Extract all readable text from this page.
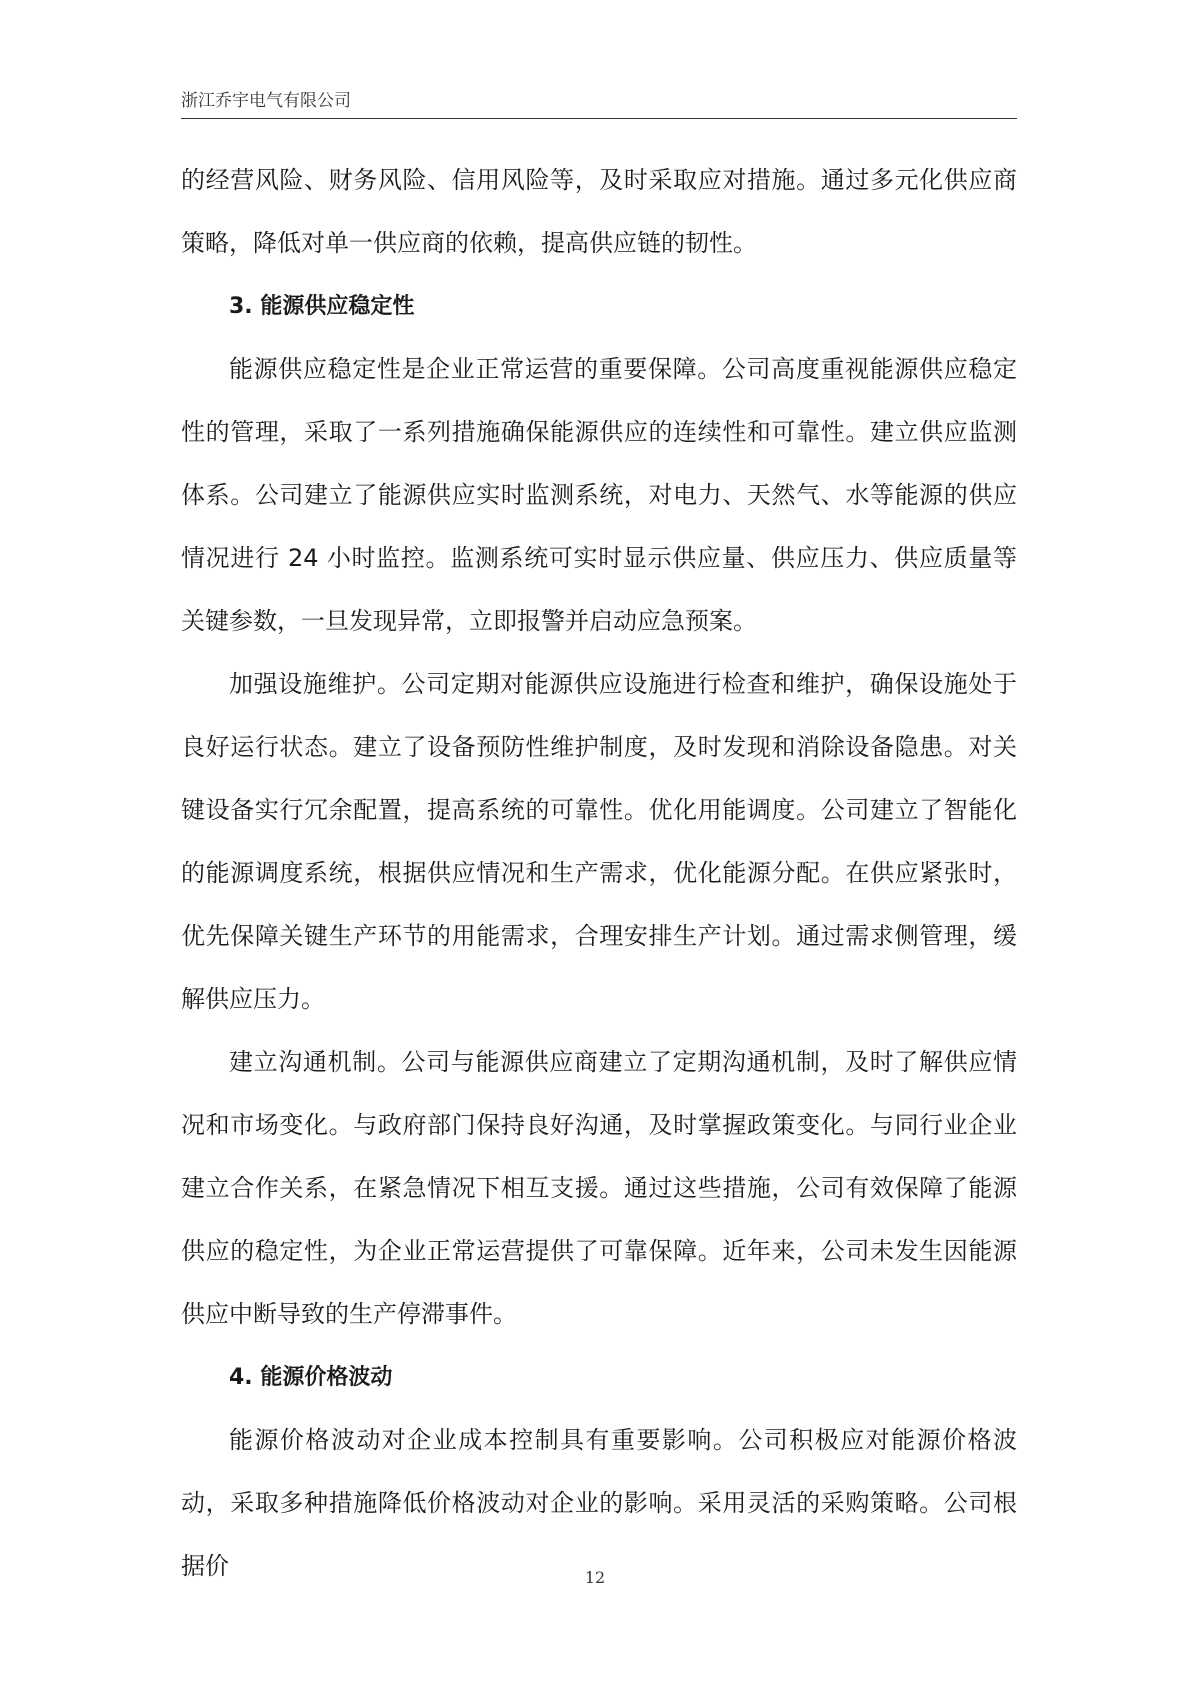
浙江乔宇电气有限公司

的经营风险、财务风险、信用风险等，及时采取应对措施。通过多元化供应商策略，降低对单一供应商的依赖，提高供应链的韧性。

3. 能源供应稳定性

能源供应稳定性是企业正常运营的重要保障。公司高度重视能源供应稳定性的管理，采取了一系列措施确保能源供应的连续性和可靠性。建立供应监测体系。公司建立了能源供应实时监测系统，对电力、天然气、水等能源的供应情况进行 24 小时监控。监测系统可实时显示供应量、供应压力、供应质量等关键参数，一旦发现异常，立即报警并启动应急预案。

加强设施维护。公司定期对能源供应设施进行检查和维护，确保设施处于良好运行状态。建立了设备预防性维护制度，及时发现和消除设备隐患。对关键设备实行冗余配置，提高系统的可靠性。优化用能调度。公司建立了智能化的能源调度系统，根据供应情况和生产需求，优化能源分配。在供应紧张时，优先保障关键生产环节的用能需求，合理安排生产计划。通过需求侧管理，缓解供应压力。

建立沟通机制。公司与能源供应商建立了定期沟通机制，及时了解供应情况和市场变化。与政府部门保持良好沟通，及时掌握政策变化。与同行业企业建立合作关系，在紧急情况下相互支援。通过这些措施，公司有效保障了能源供应的稳定性，为企业正常运营提供了可靠保障。近年来，公司未发生因能源供应中断导致的生产停滞事件。

4. 能源价格波动

能源价格波动对企业成本控制具有重要影响。公司积极应对能源价格波动，采取多种措施降低价格波动对企业的影响。采用灵活的采购策略。公司根据价	12
